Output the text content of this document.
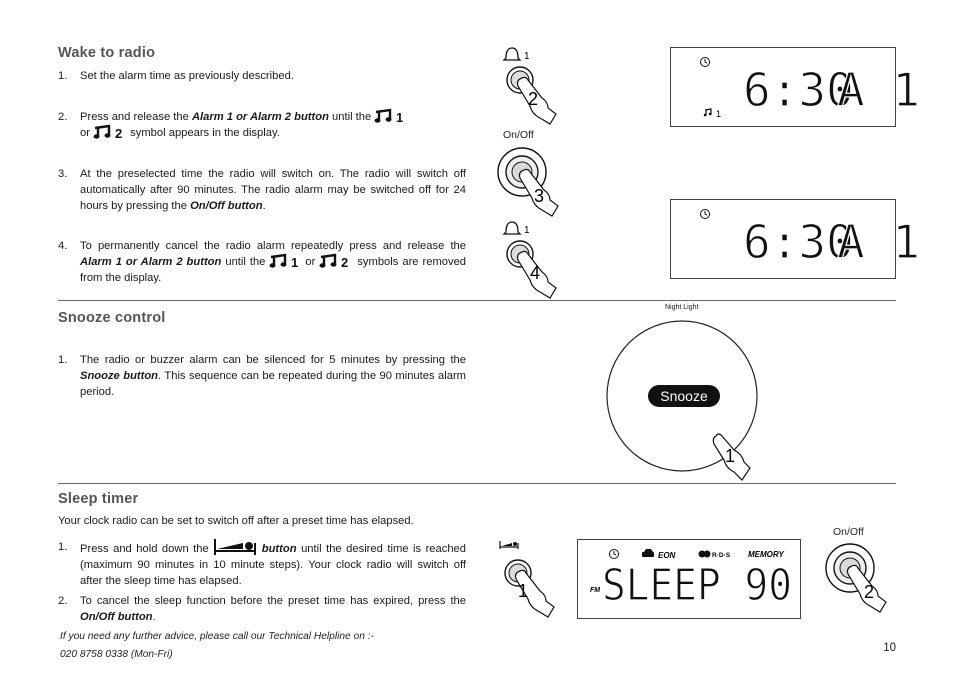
Wake to radio
1. Set the alarm time as previously described.
2. Press and release the Alarm 1 or Alarm 2 button until the 1

or 2 symbol appears in the display.
3. At the preselected time the radio will switch on. The radio will switch off automatically after 90 minutes. The radio alarm may be switched off for 24 hours by pressing the On/Off button.
4. To permanently cancel the radio alarm repeatedly press and release the Alarm 1 or Alarm 2 button until the 1 or 2 symbols are removed from the display.
1
2
On/Off
3
1
4
6:30
A 1
1
6:30
A 1
Snooze control
1. The radio or buzzer alarm can be silenced for 5 minutes by pressing the Snooze button. This sequence can be repeated during the 90 minutes alarm period.
Night Light
Snooze
1
Sleep timer
Your clock radio can be set to switch off after a preset time has elapsed.
1. Press and hold down the	button until the desired time is reached (maximum 90 minutes in 10 minute steps). Your clock radio will switch off after the sleep time has elapsed.
2. To cancel the sleep function before the preset time has expired, press the On/Off button.
1
EON	R·D·S MEMORY
FM SLEEP 90
On/Off
2
If you need any further advice, please call our Technical Helpline on :-
020 8758 0338 (Mon-Fri)
10
